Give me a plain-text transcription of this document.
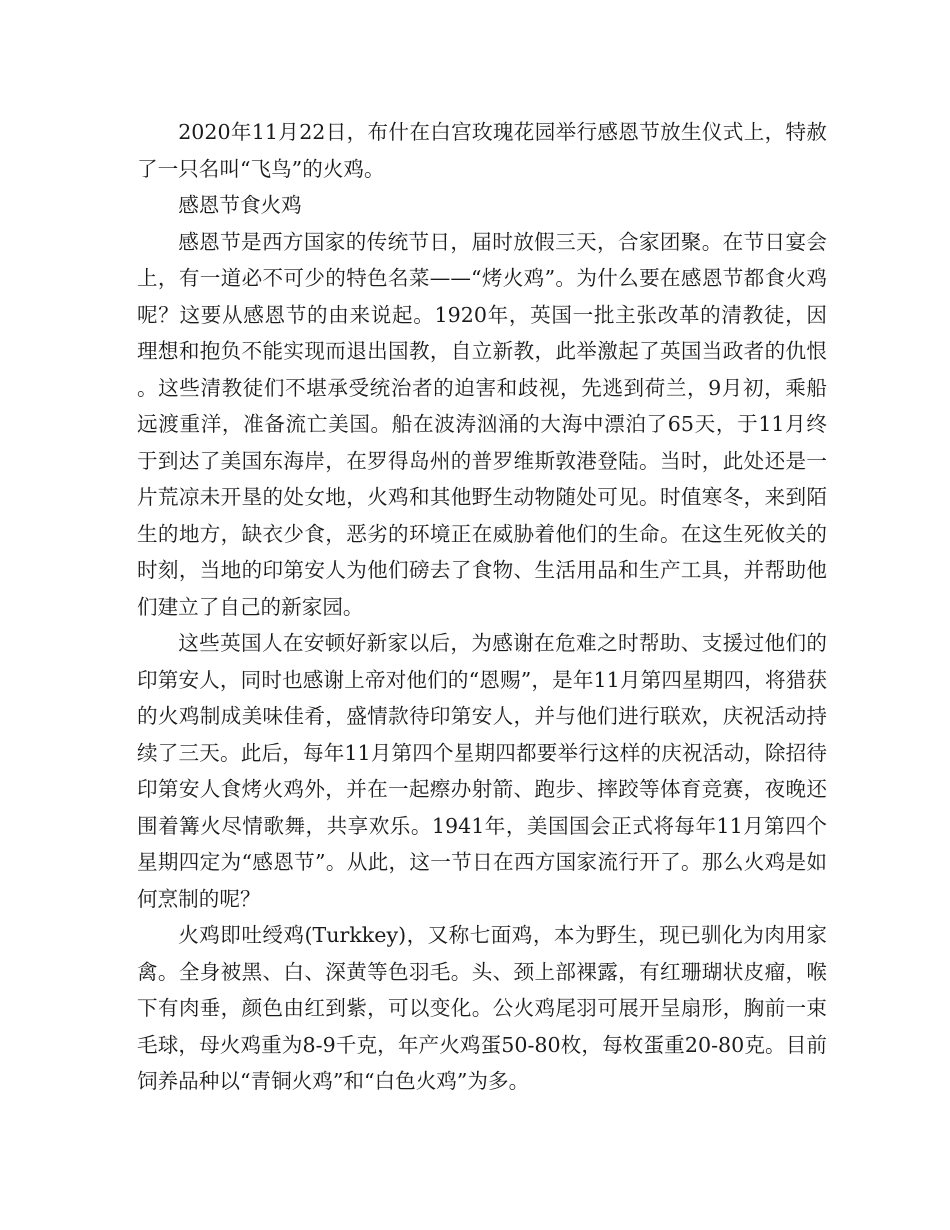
2020年11月22日，布什在白宫玫瑰花园举行感恩节放生仪式上，特赦了一只名叫“飞鸟”的火鸡。

感恩节食火鸡

感恩节是西方国家的传统节日，届时放假三天，合家团聚。在节日宴会上，有一道必不可少的特色名菜——“烤火鸡”。为什么要在感恩节都食火鸡呢？这要从感恩节的由来说起。1920年，英国一批主张改革的清教徒，因理想和抱负不能实现而退出国教，自立新教，此举激起了英国当政者的仇恨。这些清教徒们不堪承受统治者的迫害和歧视，先逃到荷兰，9月初，乘船远渡重洋，准备流亡美国。船在波涛汹涌的大海中漂泊了65天，于11月终于到达了美国东海岸，在罗得岛州的普罗维斯敦港登陆。当时，此处还是一片荒凉未开垦的处女地，火鸡和其他野生动物随处可见。时值寒冬，来到陌生的地方，缺衣少食，恶劣的环境正在威胁着他们的生命。在这生死攸关的时刻，当地的印第安人为他们磅去了食物、生活用品和生产工具，并帮助他们建立了自己的新家园。

这些英国人在安顿好新家以后，为感谢在危难之时帮助、支援过他们的印第安人，同时也感谢上帝对他们的“恩赐”，是年11月第四星期四，将猎获的火鸡制成美味佳肴，盛情款待印第安人，并与他们进行联欢，庆祝活动持续了三天。此后，每年11月第四个星期四都要举行这样的庆祝活动，除招待印第安人食烤火鸡外，并在一起瘵办射箭、跑步、摔跤等体育竞赛，夜晚还围着篝火尽情歌舞，共享欢乐。1941年，美国国会正式将每年11月第四个星期四定为“感恩节”。从此，这一节日在西方国家流行开了。那么火鸡是如何烹制的呢？

火鸡即吐绶鸡(Turkkey)，又称七面鸡，本为野生，现已驯化为肉用家禽。全身被黑、白、深黄等色羽毛。头、颈上部裸露，有红珊瑚状皮瘤，喉下有肉垂，颜色由红到紫，可以变化。公火鸡尾羽可展开呈扇形，胸前一束毛球，母火鸡重为8-9千克，年产火鸡蛋50-80枚，每枚蛋重20-80克。目前饲养品种以“青铜火鸡”和“白色火鸡”为多。
